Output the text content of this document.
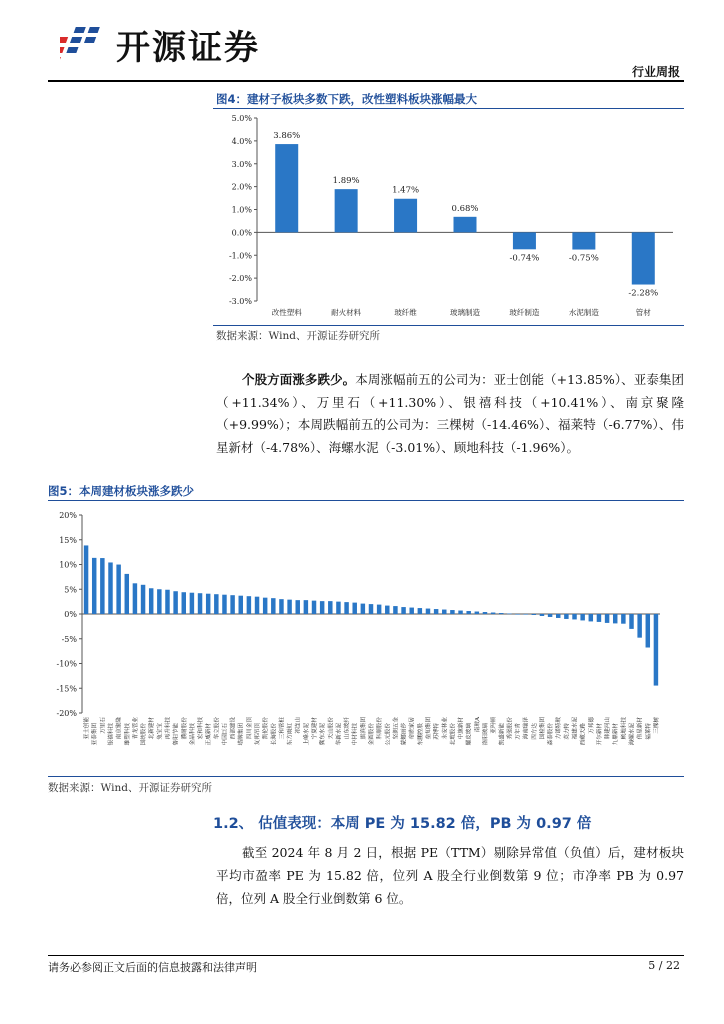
开源证券
行业周报
图4：建材子板块多数下跌，改性塑料板块涨幅最大
5.0%
4.0%
3.0%
2.0%
1.0%
0.0%
-1.0%
-2.0%
-3.0%
3.86%
改性塑料
1.89%
耐火材料
1.47%
玻纤维
0.68%
玻璃制造
-0.74%
玻纤制造
-0.75%
水泥制造
-2.28%
管材
数据来源：Wind、开源证券研究所
个股方面涨多跌少。本周涨幅前五的公司为：亚士创能（+13.85%）、亚泰集团（+11.34%）、万里石（+11.30%）、银禧科技（+10.41%）、南京聚隆（+9.99%）；本周跌幅前五的公司为：三棵树（-14.46%）、福莱特（-6.77%）、伟星新材（-4.78%）、海螺水泥（-3.01%）、顾地科技（-1.96%）。
图5：本周建材板块涨多跌少
20%
15%
10%
5%
0%
-5%
-10%
-15%
-20%
亚士创能 亚泰集团 万里石 银禧科技 南京聚隆 雄塑科技 青龙管业 国统股份 北新建材 兔宝宝 再升科技 鲁阳节能 濮耐股份 金晶科技 宏和科技 正威新材 华立股份 中国巨石 西部建设 塔牌集团 四川金顶 友邦吊顶 凯伦股份 长海股份 三和管桩 东方雨虹 祁连山 上峰水泥 宁夏建材 冀东水泥 天山股份 华新水泥 山东玻纤 中材科技 旗滨集团 金圆股份 科顺股份 公元股份 坚朗五金 蒙娜丽莎 帝欧家居 东鹏控股 垒知集团 苏博特 永安林业 北玻股份 中旗新材 耀皮玻璃 南玻A 洛阳玻璃 亚玛顿 凯盛新能 秀强股份 万年青 海南瑞泽 四方达 国检集团 森泰股份 力诺特玻 英力特 福建水泥 西藏天路 万邦德 开尔新材 韩建河山 九鼎新材 顾地科技 海螺水泥 伟星新材 福莱特 三棵树
数据来源：Wind、开源证券研究所
1.2、 估值表现：本周 PE 为 15.82 倍，PB 为 0.97 倍
截至 2024 年 8 月 2 日，根据 PE（TTM）剔除异常值（负值）后，建材板块平均市盈率 PE 为 15.82 倍，位列 A 股全行业倒数第 9 位；市净率 PB 为 0.97 倍，位列 A 股全行业倒数第 6 位。
请务必参阅正文后面的信息披露和法律声明	5 / 22
